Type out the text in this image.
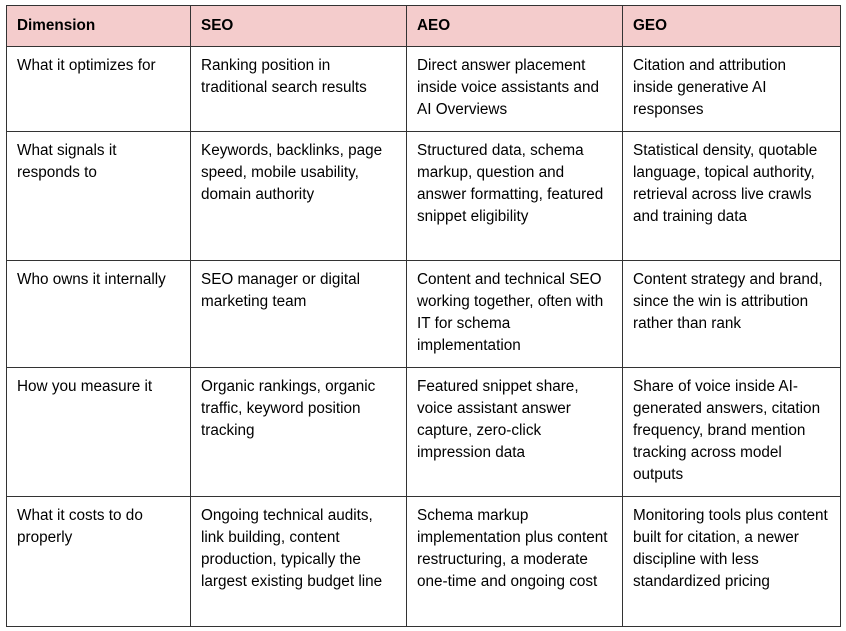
Dimension	SEO	AEO	GEO
What it optimizes for	Ranking position in traditional search results	Direct answer placement inside voice assistants and AI Overviews	Citation and attribution inside generative AI responses
What signals it responds to	Keywords, backlinks, page speed, mobile usability, domain authority	Structured data, schema markup, question and answer formatting, featured snippet eligibility	Statistical density, quotable language, topical authority, retrieval across live crawls and training data
Who owns it internally	SEO manager or digital marketing team	Content and technical SEO working together, often with IT for schema implementation	Content strategy and brand, since the win is attribution rather than rank
How you measure it	Organic rankings, organic traffic, keyword position tracking	Featured snippet share, voice assistant answer capture, zero-click impression data	Share of voice inside AI-generated answers, citation frequency, brand mention tracking across model outputs
What it costs to do properly	Ongoing technical audits, link building, content production, typically the largest existing budget line	Schema markup implementation plus content restructuring, a moderate one-time and ongoing cost	Monitoring tools plus content built for citation, a newer discipline with less standardized pricing
